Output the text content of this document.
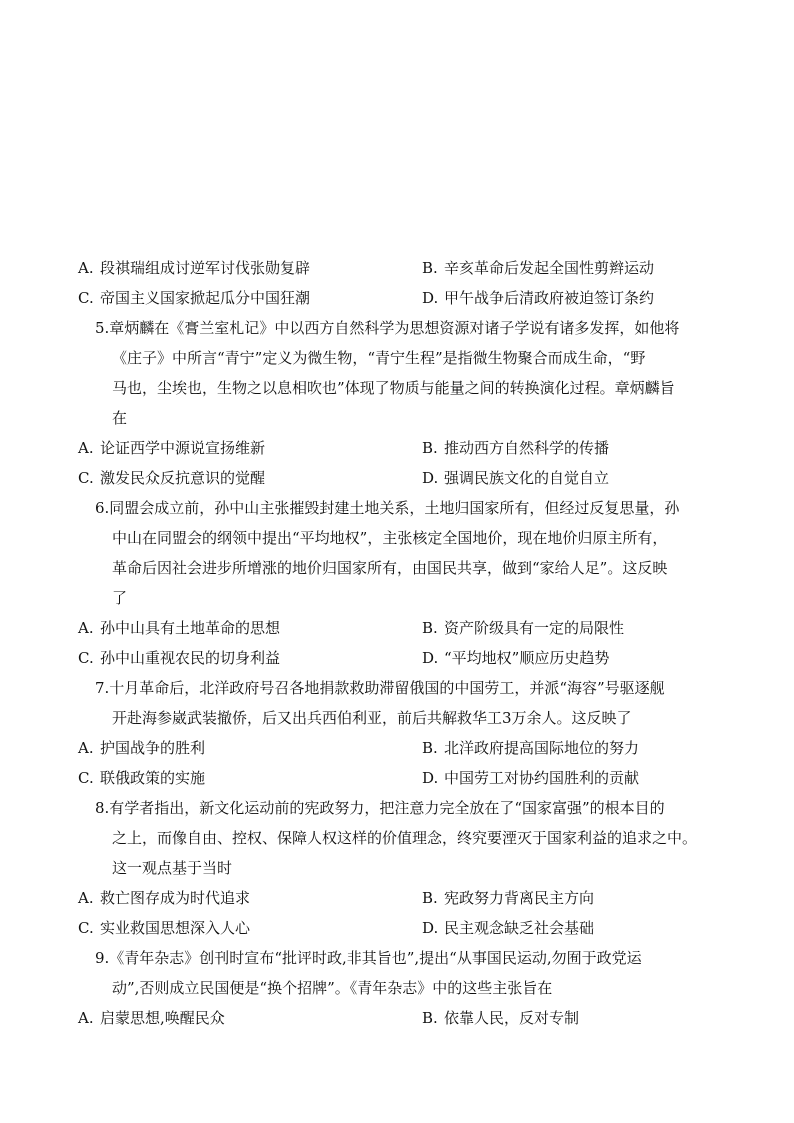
A. 段祺瑞组成讨逆军讨伐张勋复辟	B. 辛亥革命后发起全国性剪辫运动
C. 帝国主义国家掀起瓜分中国狂潮	D. 甲午战争后清政府被迫签订条约
5.章炳麟在《膏兰室札记》中以西方自然科学为思想资源对诸子学说有诸多发挥，如他将
《庄子》中所言“青宁”定义为微生物，“青宁生程”是指微生物聚合而成生命，“野
马也，尘埃也，生物之以息相吹也”体现了物质与能量之间的转换演化过程。章炳麟旨
在
A. 论证西学中源说宣扬维新	B. 推动西方自然科学的传播
C. 激发民众反抗意识的觉醒	D. 强调民族文化的自觉自立
6.同盟会成立前，孙中山主张摧毁封建土地关系，土地归国家所有，但经过反复思量，孙
中山在同盟会的纲领中提出“平均地权”，主张核定全国地价，现在地价归原主所有，
革命后因社会进步所增涨的地价归国家所有，由国民共享，做到“家给人足”。这反映
了
A. 孙中山具有土地革命的思想	B. 资产阶级具有一定的局限性
C. 孙中山重视农民的切身利益	D. “平均地权”顺应历史趋势
7.十月革命后，北洋政府号召各地捐款救助滞留俄国的中国劳工，并派“海容”号驱逐舰
开赴海参崴武装撤侨，后又出兵西伯利亚，前后共解救华工3万余人。这反映了
A. 护国战争的胜利	B. 北洋政府提高国际地位的努力
C. 联俄政策的实施	D. 中国劳工对协约国胜利的贡献
8.有学者指出，新文化运动前的宪政努力，把注意力完全放在了“国家富强”的根本目的
之上，而像自由、控权、保障人权这样的价值理念，终究要湮灭于国家利益的追求之中。
这一观点基于当时
A. 救亡图存成为时代追求	B. 宪政努力背离民主方向
C. 实业救国思想深入人心	D. 民主观念缺乏社会基础
9.《青年杂志》创刊时宣布“批评时政,非其旨也”,提出“从事国民运动,勿囿于政党运
动”,否则成立民国便是“换个招牌”。《青年杂志》中的这些主张旨在
A. 启蒙思想,唤醒民众	B. 依靠人民，反对专制
